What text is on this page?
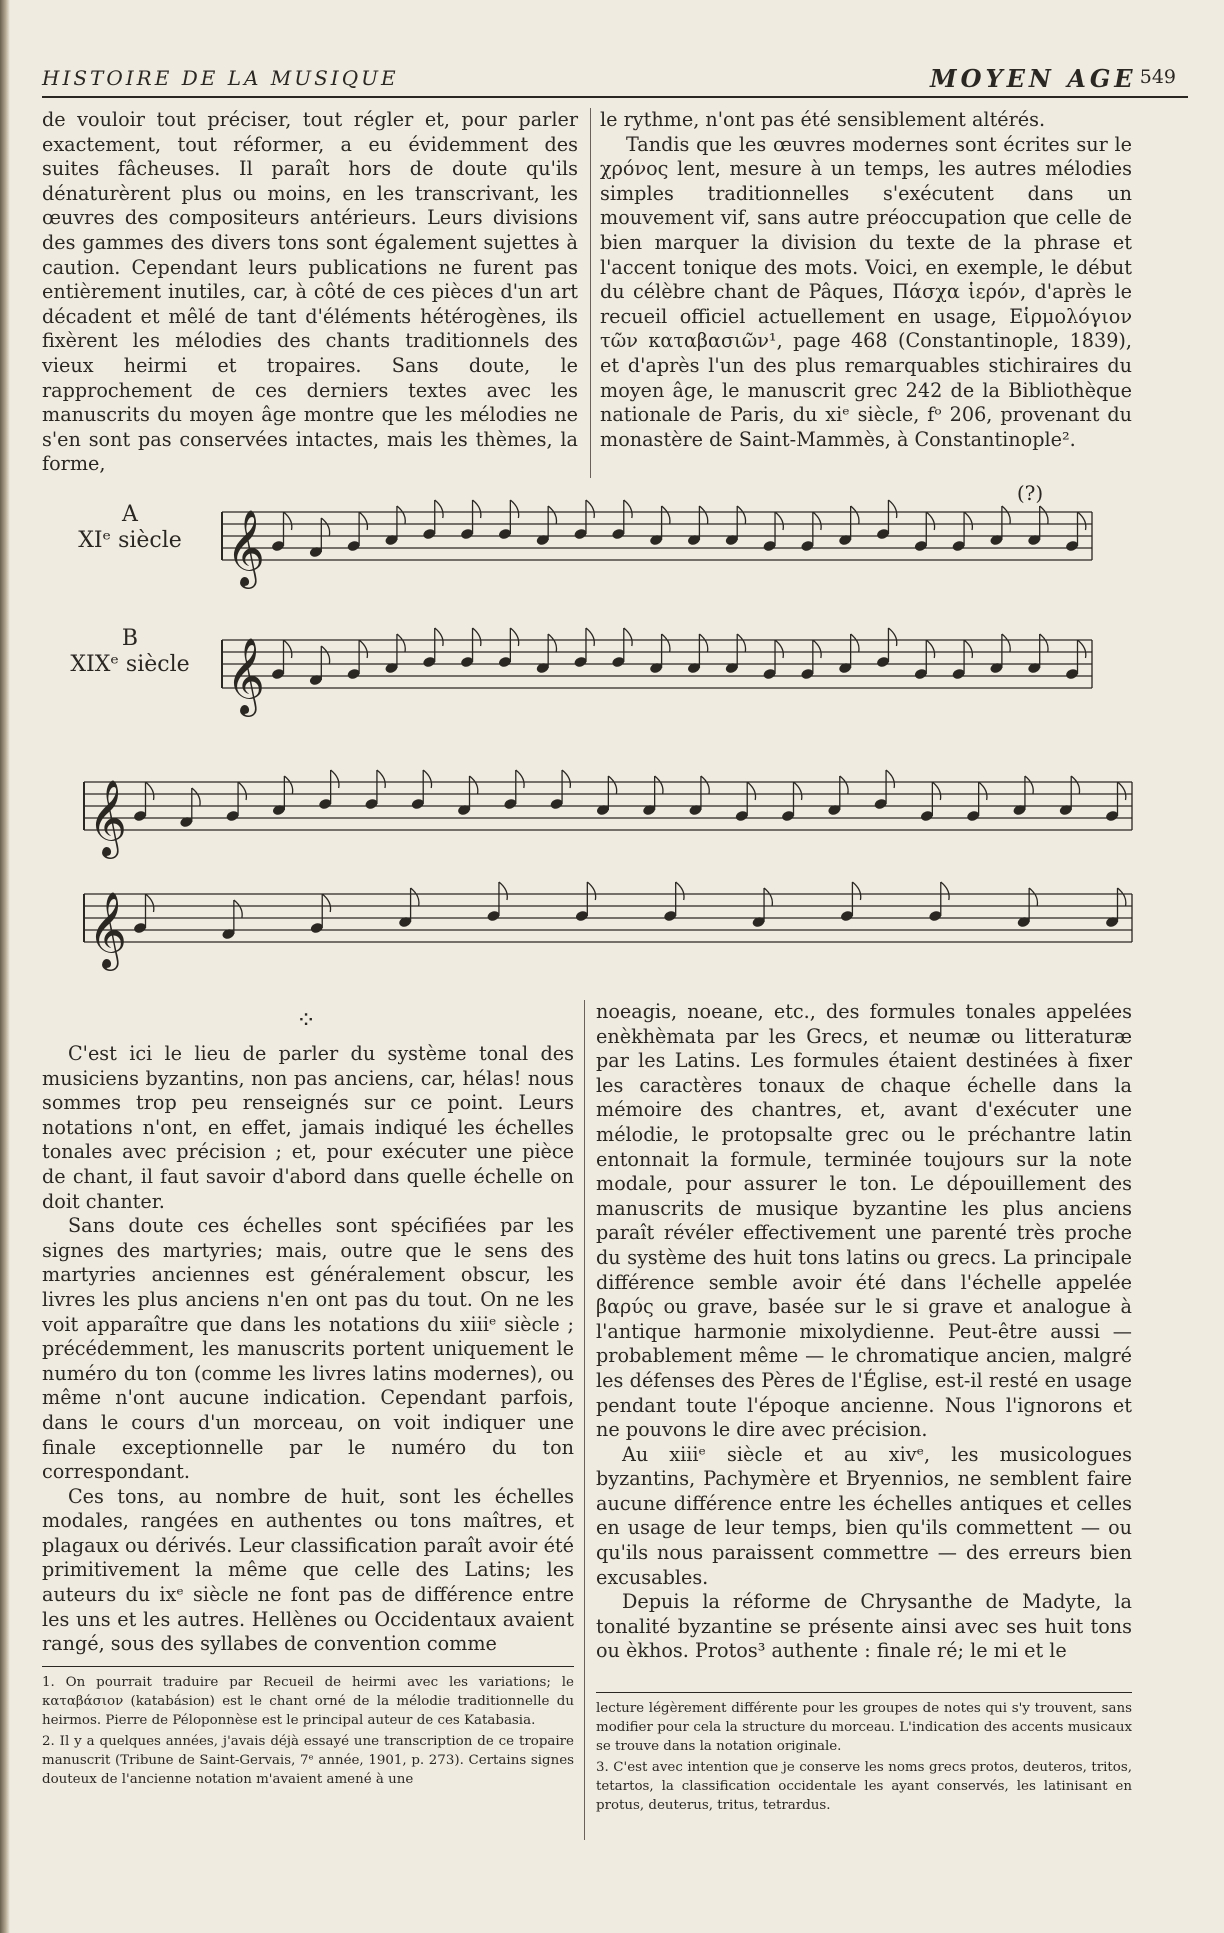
HISTOIRE DE LA MUSIQUE	MOYEN AGE 549

de vouloir tout préciser, tout régler et, pour parler exactement, tout réformer, a eu évidemment des suites fâcheuses. Il paraît hors de doute qu'ils dénaturèrent plus ou moins, en les transcrivant, les œuvres des compositeurs antérieurs. Leurs divisions des gammes des divers tons sont également sujettes à caution. Cependant leurs publications ne furent pas entièrement inutiles, car, à côté de ces pièces d'un art décadent et mêlé de tant d'éléments hétérogènes, ils fixèrent les mélodies des chants traditionnels des vieux heirmi et tropaires. Sans doute, le rapprochement de ces derniers textes avec les manuscrits du moyen âge montre que les mélodies ne s'en sont pas conservées intactes, mais les thèmes, la forme,

le rythme, n'ont pas été sensiblement altérés.

Tandis que les œuvres modernes sont écrites sur le χρόνος lent, mesure à un temps, les autres mélodies simples traditionnelles s'exécutent dans un mouvement vif, sans autre préoccupation que celle de bien marquer la division du texte de la phrase et l'accent tonique des mots. Voici, en exemple, le début du célèbre chant de Pâques, Πάσχα ἱερόν, d'après le recueil officiel actuellement en usage, Εἱρμολόγιον τῶν καταβασιῶν¹, page 468 (Constantinople, 1839), et d'après l'un des plus remarquables stichiraires du moyen âge, le manuscrit grec 242 de la Bibliothèque nationale de Paris, du xiᵉ siècle, fᵒ 206, provenant du monastère de Saint-Mammès, à Constantinople².

A
XIᵉ siècle
B
XIXᵉ siècle
(?)
𝄞
𝄞
𝄞
𝄞
⁘

C'est ici le lieu de parler du système tonal des musiciens byzantins, non pas anciens, car, hélas! nous sommes trop peu renseignés sur ce point. Leurs notations n'ont, en effet, jamais indiqué les échelles tonales avec précision ; et, pour exécuter une pièce de chant, il faut savoir d'abord dans quelle échelle on doit chanter.

Sans doute ces échelles sont spécifiées par les signes des martyries; mais, outre que le sens des martyries anciennes est généralement obscur, les livres les plus anciens n'en ont pas du tout. On ne les voit apparaître que dans les notations du xiiiᵉ siècle ; précédemment, les manuscrits portent uniquement le numéro du ton (comme les livres latins modernes), ou même n'ont aucune indication. Cependant parfois, dans le cours d'un morceau, on voit indiquer une finale exceptionnelle par le numéro du ton correspondant.

Ces tons, au nombre de huit, sont les échelles modales, rangées en authentes ou tons maîtres, et plagaux ou dérivés. Leur classification paraît avoir été primitivement la même que celle des Latins; les auteurs du ixᵉ siècle ne font pas de différence entre les uns et les autres. Hellènes ou Occidentaux avaient rangé, sous des syllabes de convention comme

noeagis, noeane, etc., des formules tonales appelées enèkhèmata par les Grecs, et neumæ ou litteraturæ par les Latins. Les formules étaient destinées à fixer les caractères tonaux de chaque échelle dans la mémoire des chantres, et, avant d'exécuter une mélodie, le protopsalte grec ou le préchantre latin entonnait la formule, terminée toujours sur la note modale, pour assurer le ton. Le dépouillement des manuscrits de musique byzantine les plus anciens paraît révéler effectivement une parenté très proche du système des huit tons latins ou grecs. La principale différence semble avoir été dans l'échelle appelée βαρύς ou grave, basée sur le si grave et analogue à l'antique harmonie mixolydienne. Peut-être aussi — probablement même — le chromatique ancien, malgré les défenses des Pères de l'Église, est-il resté en usage pendant toute l'époque ancienne. Nous l'ignorons et ne pouvons le dire avec précision.

Au xiiiᵉ siècle et au xivᵉ, les musicologues byzantins, Pachymère et Bryennios, ne semblent faire aucune différence entre les échelles antiques et celles en usage de leur temps, bien qu'ils commettent — ou qu'ils nous paraissent commettre — des erreurs bien excusables.

Depuis la réforme de Chrysanthe de Madyte, la tonalité byzantine se présente ainsi avec ses huit tons ou èkhos. Protos³ authente : finale ré; le mi et le

1. On pourrait traduire par Recueil de heirmi avec les variations; le καταβάσιον (katabásion) est le chant orné de la mélodie traditionnelle du heirmos. Pierre de Péloponnèse est le principal auteur de ces Katabasia.

2. Il y a quelques années, j'avais déjà essayé une transcription de ce tropaire manuscrit (Tribune de Saint-Gervais, 7ᵉ année, 1901, p. 273). Certains signes douteux de l'ancienne notation m'avaient amené à une

lecture légèrement différente pour les groupes de notes qui s'y trouvent, sans modifier pour cela la structure du morceau. L'indication des accents musicaux se trouve dans la notation originale.

3. C'est avec intention que je conserve les noms grecs protos, deuteros, tritos, tetartos, la classification occidentale les ayant conservés, les latinisant en protus, deuterus, tritus, tetrardus.
